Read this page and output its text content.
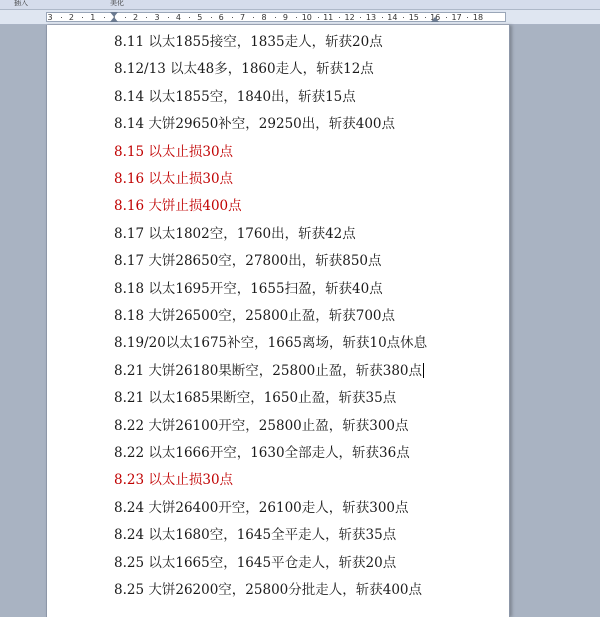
插入	美化
3 2 1 1 2 3 4 5 6 7 8 9 10 11 12 13 14 15 16 17 18
8.11 以太1855接空，1835走人，斩获20点
8.12/13 以太48多，1860走人，斩获12点
8.14 以太1855空，1840出，斩获15点
8.14 大饼29650补空，29250出，斩获400点
8.15 以太止损30点
8.16 以太止损30点
8.16 大饼止损400点
8.17 以太1802空，1760出，斩获42点
8.17 大饼28650空，27800出，斩获850点
8.18 以太1695开空，1655扫盈，斩获40点
8.18 大饼26500空，25800止盈，斩获700点
8.19/20以太1675补空，1665离场，斩获10点休息
8.21 大饼26180果断空，25800止盈，斩获380点
8.21 以太1685果断空，1650止盈，斩获35点
8.22 大饼26100开空，25800止盈，斩获300点
8.22 以太1666开空，1630全部走人，斩获36点
8.23 以太止损30点
8.24 大饼26400开空，26100走人，斩获300点
8.24 以太1680空，1645全平走人，斩获35点
8.25 以太1665空，1645平仓走人，斩获20点
8.25 大饼26200空，25800分批走人，斩获400点
